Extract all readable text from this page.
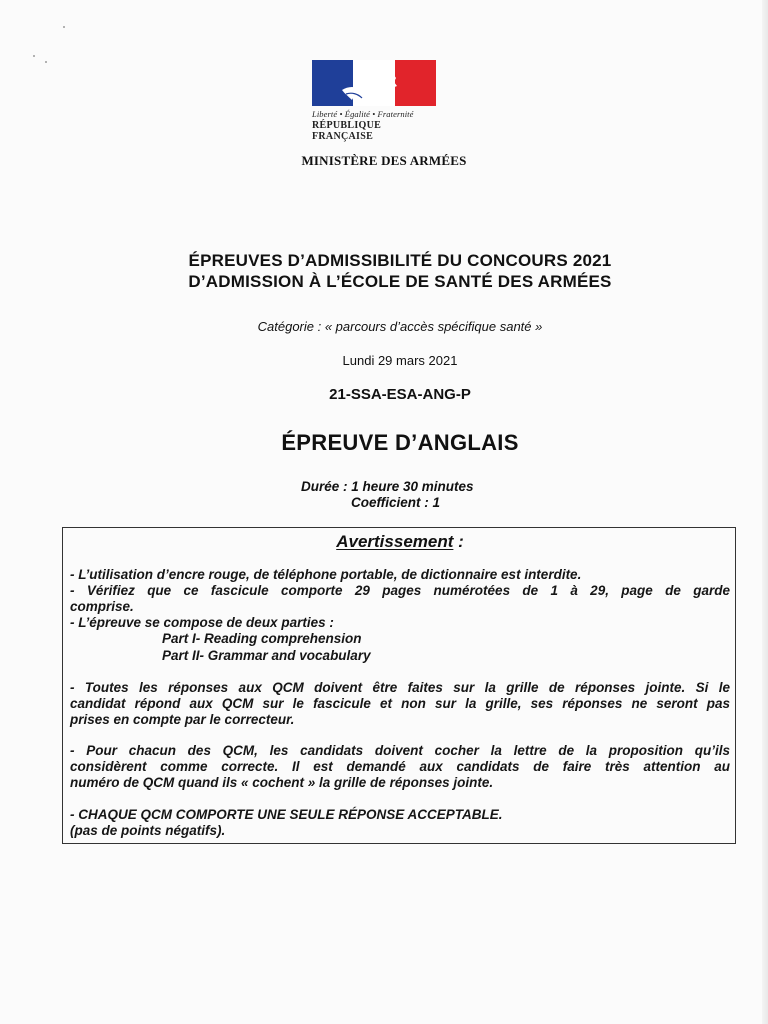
Liberté • Égalité • Fraternité
RÉPUBLIQUE FRANÇAISE
MINISTÈRE DES ARMÉES
ÉPREUVES D’ADMISSIBILITÉ DU CONCOURS 2021
D’ADMISSION À L’ÉCOLE DE SANTÉ DES ARMÉES
Catégorie : « parcours d’accès spécifique santé »
Lundi 29 mars 2021
21-SSA-ESA-ANG-P
ÉPREUVE D’ANGLAIS
Durée : 1 heure 30 minutes
Coefficient : 1
Avertissement :
- L’utilisation d’encre rouge, de téléphone portable, de dictionnaire est interdite.
- Vérifiez que ce fascicule comporte 29 pages numérotées de 1 à 29, page de garde
comprise.
- L’épreuve se compose de deux parties :
Part I- Reading comprehension
Part II- Grammar and vocabulary
- Toutes les réponses aux QCM doivent être faites sur la grille de réponses jointe. Si le
candidat répond aux QCM sur le fascicule et non sur la grille, ses réponses ne seront pas
prises en compte par le correcteur.
- Pour chacun des QCM, les candidats doivent cocher la lettre de la proposition qu’ils
considèrent comme correcte. Il est demandé aux candidats de faire très attention au
numéro de QCM quand ils « cochent » la grille de réponses jointe.
- CHAQUE QCM COMPORTE UNE SEULE RÉPONSE ACCEPTABLE.
(pas de points négatifs).
